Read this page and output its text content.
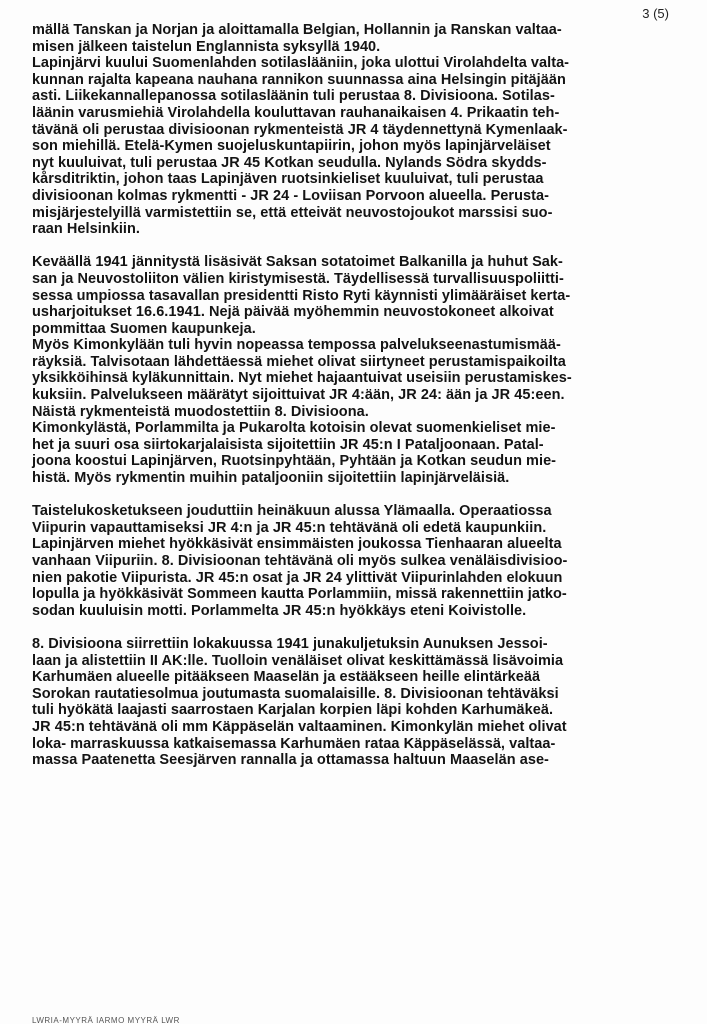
3 (5)
mällä Tanskan ja Norjan ja aloittamalla Belgian, Hollannin ja Ranskan valtaa-
misen jälkeen taistelun Englannista syksyllä 1940.
Lapinjärvi kuului Suomenlahden sotilaslääniin, joka ulottui Virolahdelta valta-
kunnan rajalta kapeana nauhana rannikon suunnassa aina Helsingin pitäjään
asti. Liikekannallepanossa sotilasläänin tuli perustaa 8. Divisioona. Sotilas-
läänin varusmiehiä Virolahdella kouluttavan rauhanaikaisen 4. Prikaatin teh-
tävänä oli perustaa divisioonan rykmenteistä JR 4 täydennettynä Kymenlaak-
son miehillä. Etelä-Kymen suojeluskuntapiirin, johon myös lapinjärveläiset
nyt kuuluivat, tuli perustaa JR 45 Kotkan seudulla. Nylands Södra skydds-
kårsditriktin, johon taas Lapinjäven ruotsinkieliset kuuluivat, tuli perustaa
divisioonan kolmas rykmentti - JR 24 - Loviisan Porvoon alueella. Perusta-
misjärjestelyillä varmistettiin se, että etteivät neuvostojoukot marssisi suo-
raan Helsinkiin.
Keväällä 1941 jännitystä lisäsivät Saksan sotatoimet Balkanilla ja huhut Sak-
san ja Neuvostoliiton välien kiristymisestä. Täydellisessä turvallisuuspoliitti-
sessa umpiossa tasavallan presidentti Risto Ryti käynnisti ylimääräiset kerta-
usharjoitukset 16.6.1941. Nejä päivää myöhemmin neuvostokoneet alkoivat
pommittaa Suomen kaupunkeja.
Myös Kimonkylään tuli hyvin nopeassa tempossa palvelukseenastumismää-
räyksiä. Talvisotaan lähdettäessä miehet olivat siirtyneet perustamispaikoilta
yksikköihinsä kyläkunnittain. Nyt miehet hajaantuivat useisiin perustamiskes-
kuksiin. Palvelukseen määrätyt sijoittuivat JR 4:ään, JR 24: ään ja JR 45:een.
Näistä rykmenteistä muodostettiin 8. Divisioona.
Kimonkylästä, Porlammilta ja Pukarolta kotoisin olevat suomenkieliset mie-
het ja suuri osa siirtokarjalaisista sijoitettiin JR 45:n I Pataljoonaan. Patal-
joona koostui Lapinjärven, Ruotsinpyhtään, Pyhtään ja Kotkan seudun mie-
histä. Myös rykmentin muihin pataljooniin sijoitettiin lapinjärveläisiä.
Taistelukosketukseen jouduttiin heinäkuun alussa Ylämaalla. Operaatiossa
Viipurin vapauttamiseksi JR 4:n ja JR 45:n tehtävänä oli edetä kaupunkiin.
Lapinjärven miehet hyökkäsivät ensimmäisten joukossa Tienhaaran alueelta
vanhaan Viipuriin. 8. Divisioonan tehtävänä oli myös sulkea venäläisdivisioo-
nien pakotie Viipurista. JR 45:n osat ja JR 24 ylittivät Viipurinlahden elokuun
lopulla ja hyökkäsivät Sommeen kautta Porlammiin, missä rakennettiin jatko-
sodan kuuluisin motti. Porlammelta JR 45:n hyökkäys eteni Koivistolle.
8. Divisioona siirrettiin lokakuussa 1941 junakuljetuksin Aunuksen Jessoi-
laan ja alistettiin II AK:lle. Tuolloin venäläiset olivat keskittämässä lisävoimia
Karhumäen alueelle pitääkseen Maaselän ja estääkseen heille elintärkeää
Sorokan rautatiesolmua joutumasta suomalaisille. 8. Divisioonan tehtäväksi
tuli hyökätä laajasti saarrostaen Karjalan korpien läpi kohden Karhumäkeä.
JR 45:n tehtävänä oli mm Käppäselän valtaaminen. Kimonkylän miehet olivat
loka- marraskuussa katkaisemassa Karhumäen rataa Käppäselässä, valtaa-
massa Paatenetta Seesjärven rannalla ja ottamassa haltuun Maaselän ase-
LWRIA-MYYRÄ IARMO MYYRÄ LWR
